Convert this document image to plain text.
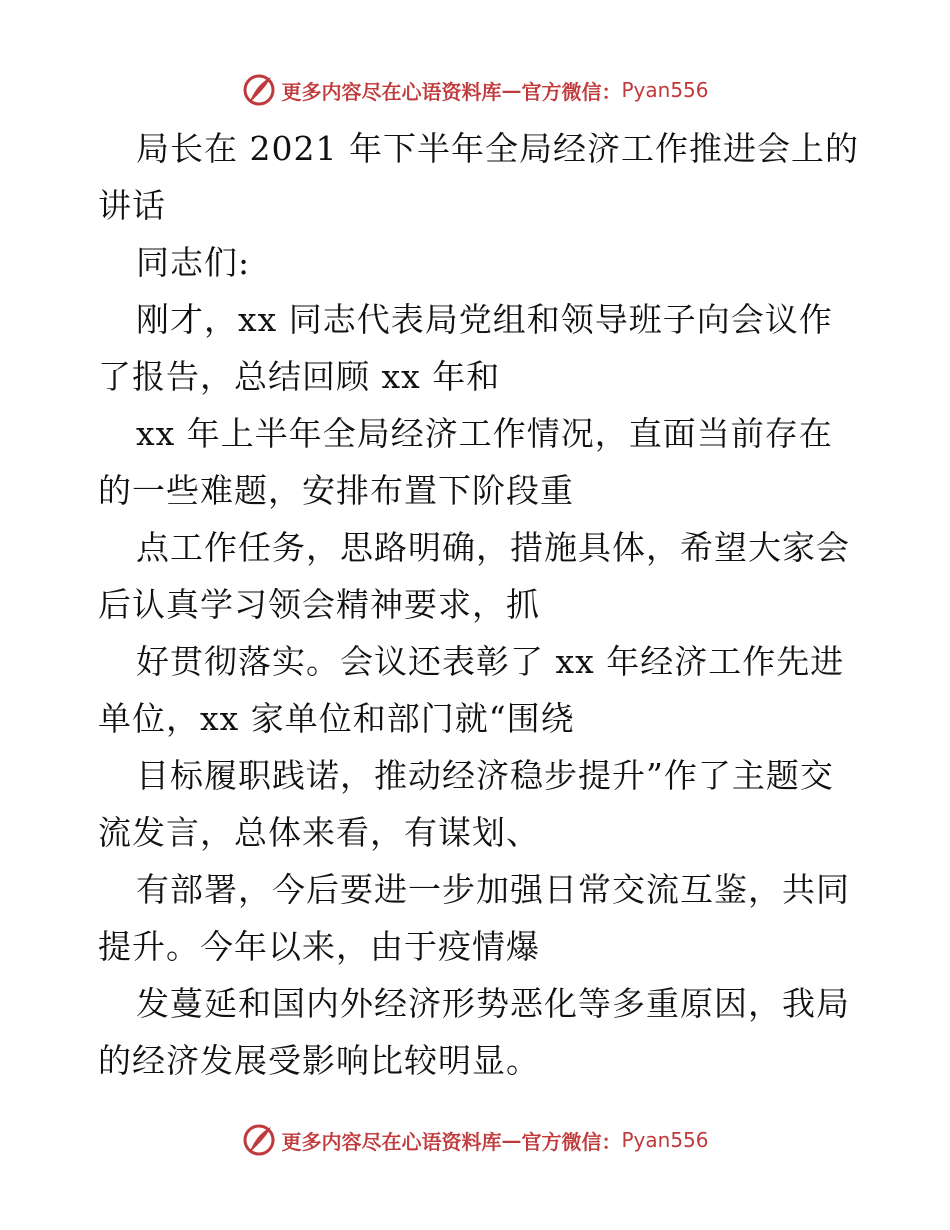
更多内容尽在心语资料库 — 官方微信： Pyan556
局长在 2021 年下半年全局经济工作推进会上的
讲话
同志们:
刚才，xx 同志代表局党组和领导班子向会议作
了报告，总结回顾 xx 年和
xx 年上半年全局经济工作情况，直面当前存在
的一些难题，安排布置下阶段重
点工作任务，思路明确，措施具体，希望大家会
后认真学习领会精神要求，抓
好贯彻落实。会议还表彰了 xx 年经济工作先进
单位，xx 家单位和部门就“围绕
目标履职践诺，推动经济稳步提升”作了主题交
流发言，总体来看，有谋划、
有部署，今后要进一步加强日常交流互鉴，共同
提升。今年以来，由于疫情爆
发蔓延和国内外经济形势恶化等多重原因，我局
的经济发展受影响比较明显。
更多内容尽在心语资料库 — 官方微信： Pyan556
